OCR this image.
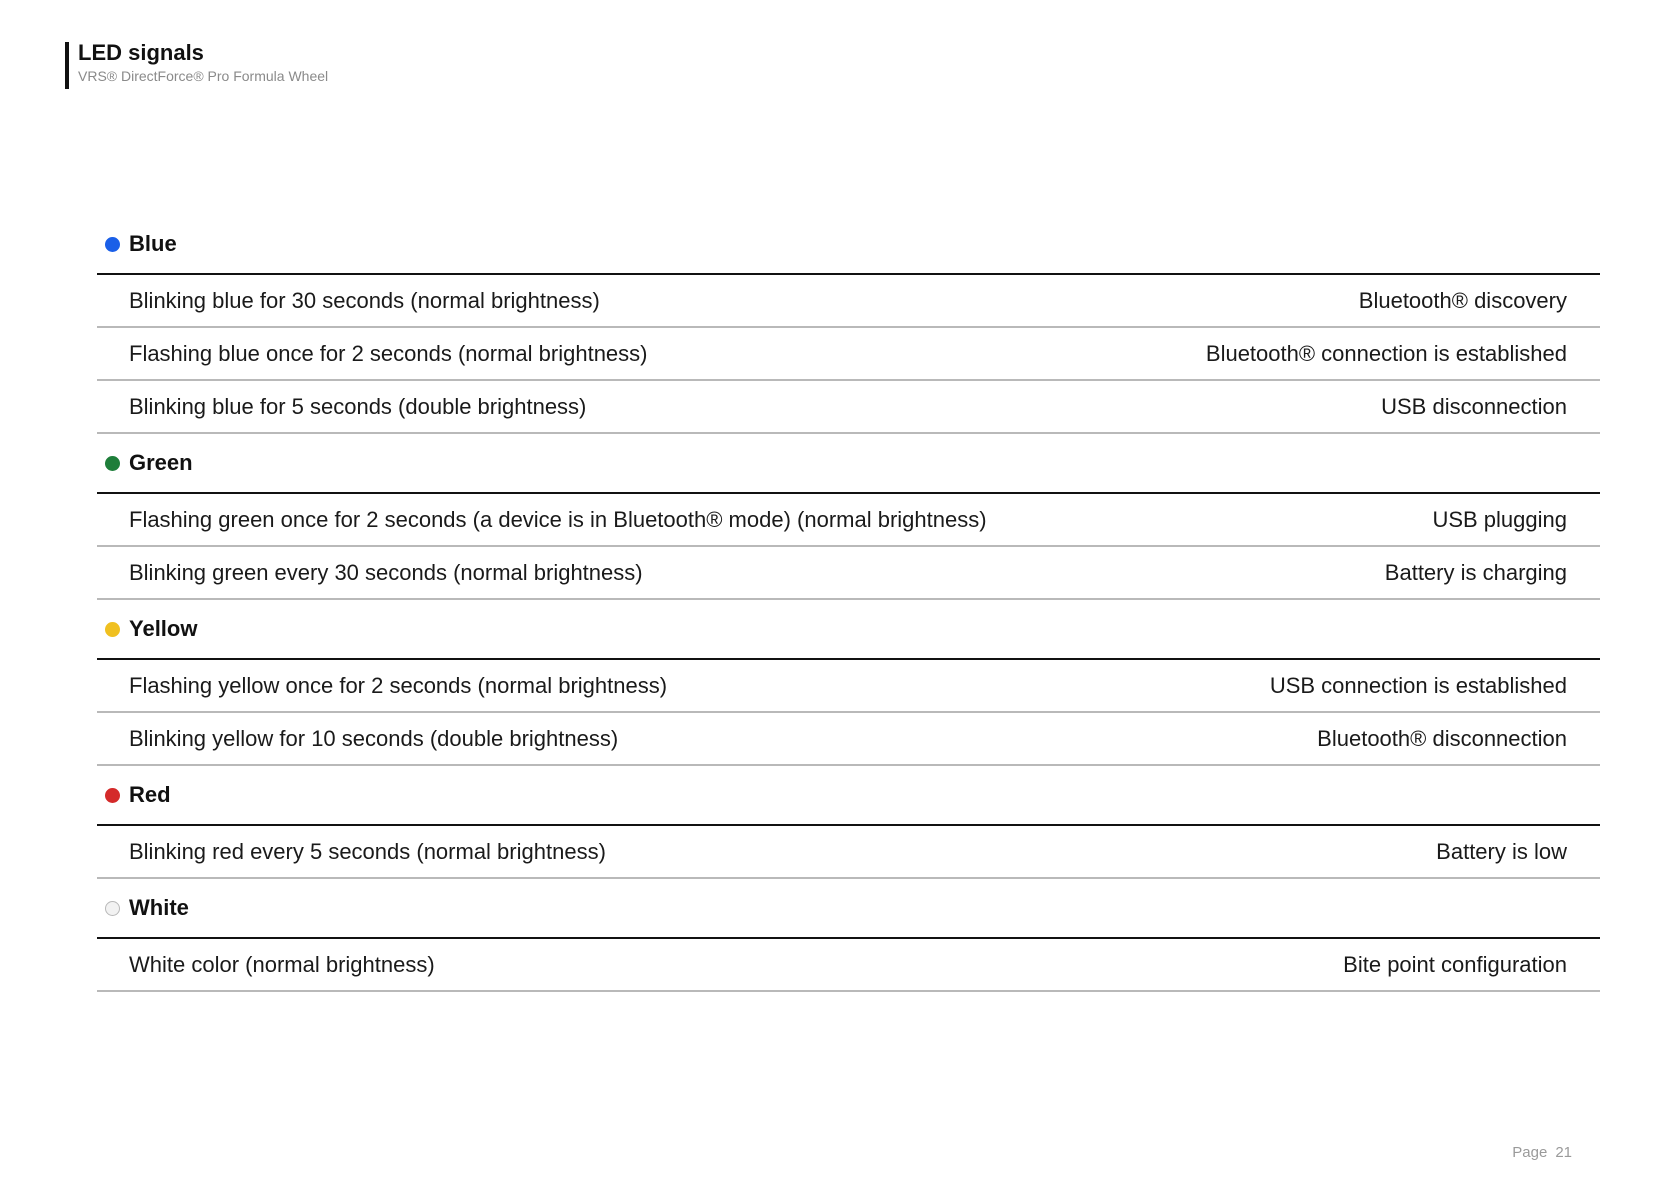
LED signals
VRS® DirectForce® Pro Formula Wheel
Blue
Blinking blue for 30 seconds (normal brightness)	Bluetooth® discovery
Flashing blue once for 2 seconds (normal brightness)	Bluetooth® connection is established
Blinking blue for 5 seconds (double brightness)	USB disconnection
Green
Flashing green once for 2 seconds (a device is in Bluetooth® mode) (normal brightness)	USB plugging
Blinking green every 30 seconds (normal brightness)	Battery is charging
Yellow
Flashing yellow once for 2 seconds (normal brightness)	USB connection is established
Blinking yellow for 10 seconds (double brightness)	Bluetooth® disconnection
Red
Blinking red every 5 seconds (normal brightness)	Battery is low
White
White color (normal brightness)	Bite point configuration
Page 21
